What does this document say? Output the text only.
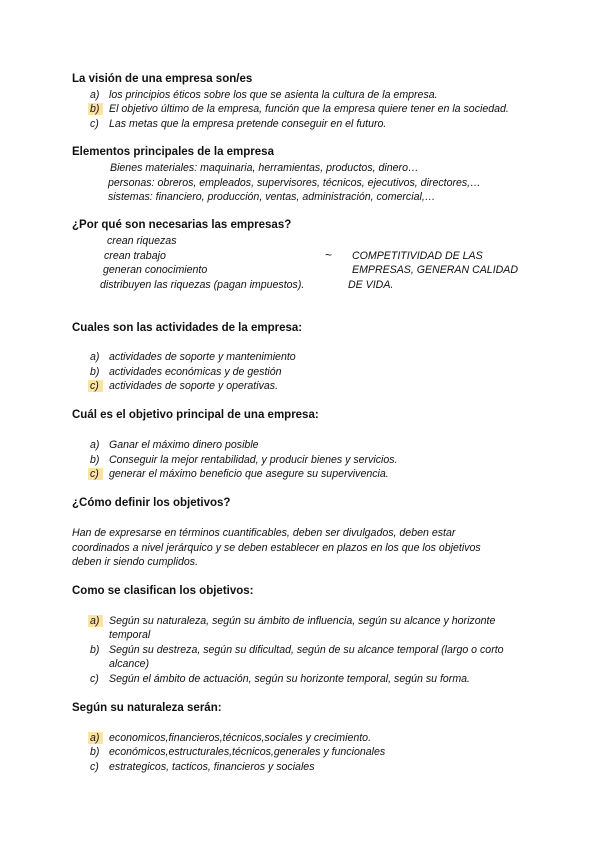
La visión de una empresa son/es
a) los principios éticos sobre los que se asienta la cultura de la empresa.
b) El objetivo último de la empresa, función que la empresa quiere tener en la sociedad.
c) Las metas que la empresa pretende conseguir en el futuro.
Elementos principales de la empresa
Bienes materiales: maquinaria, herramientas, productos, dinero…
personas: obreros, empleados, supervisores, técnicos, ejecutivos, directores,…
sistemas: financiero, producción, ventas, administración, comercial,…
¿Por qué son necesarias las empresas?
crean riquezas
crean trabajo
generan conocimiento
distribuyen las riquezas (pagan impuestos).
~ COMPETITIVIDAD DE LAS
EMPRESAS, GENERAN CALIDAD
DE VIDA.
Cuales son las actividades de la empresa:
a) actividades de soporte y mantenimiento
b) actividades económicas y de gestión
c) actividades de soporte y operativas.
Cuál es el objetivo principal de una empresa:
a) Ganar el máximo dinero posible
b) Conseguir la mejor rentabilidad, y producir bienes y servicios.
c) generar el máximo beneficio que asegure su supervivencia.
¿Cómo definir los objetivos?
Han de expresarse en términos cuantificables, deben ser divulgados, deben estar
coordinados a nivel jerárquico y se deben establecer en plazos en los que los objetivos
deben ir siendo cumplidos.
Como se clasifican los objetivos:
a) Según su naturaleza, según su ámbito de influencia, según su alcance y horizonte
temporal
b) Según su destreza, según su dificultad, según de su alcance temporal (largo o corto
alcance)
c) Según el ámbito de actuación, según su horizonte temporal, según su forma.
Según su naturaleza serán:
a) economicos,financieros,técnicos,sociales y crecimiento.
b) económicos,estructurales,técnicos,generales y funcionales
c) estrategicos, tacticos, financieros y sociales
